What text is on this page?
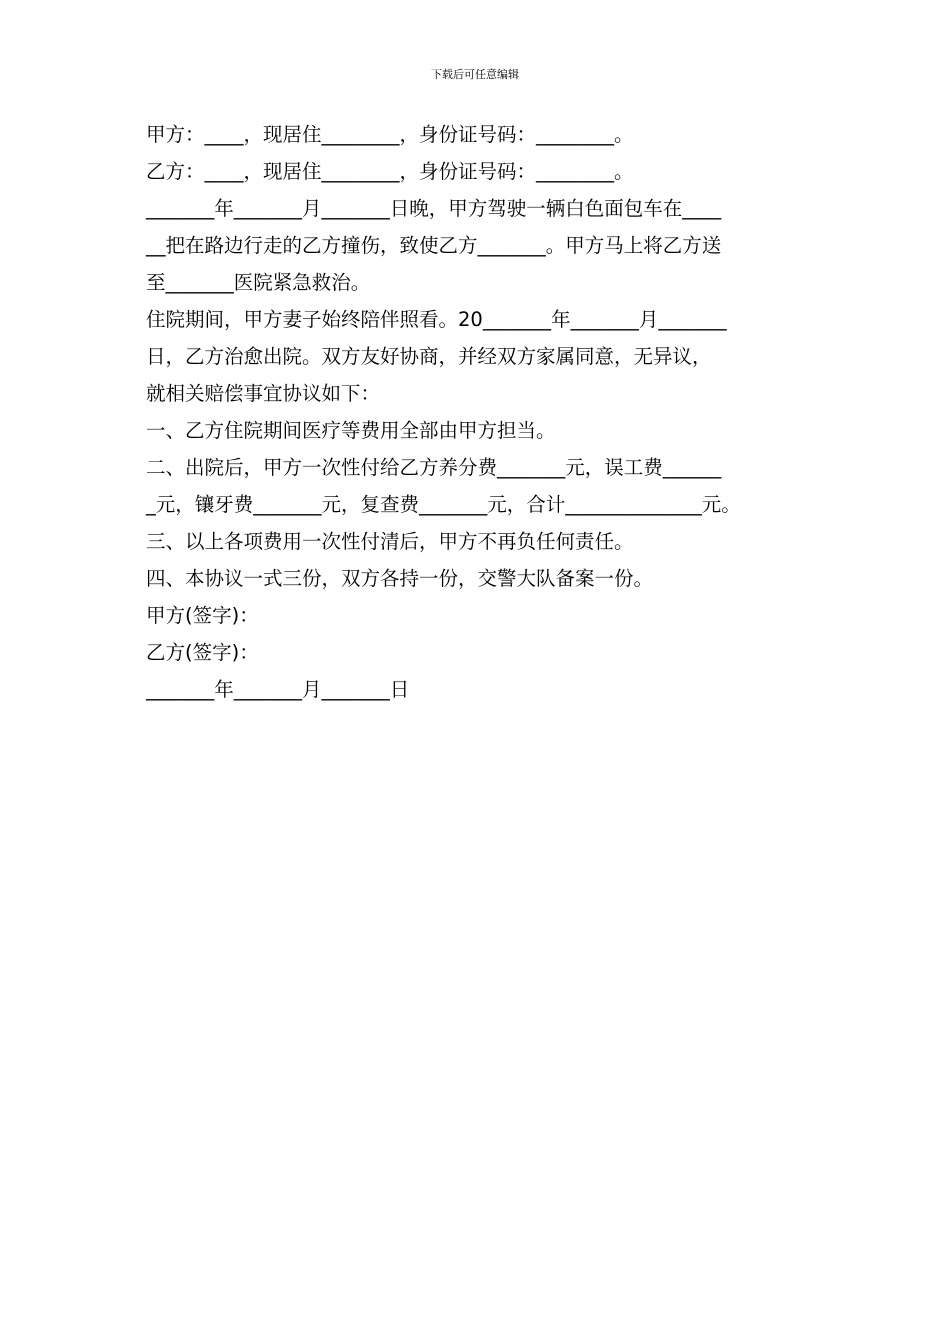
下载后可任意编辑
甲方：____，现居住________，身份证号码：________。
乙方：____，现居住________，身份证号码：________。
_______年_______月_______日晚，甲方驾驶一辆白色面包车在____
__把在路边行走的乙方撞伤，致使乙方_______。甲方马上将乙方送
至_______医院紧急救治。
住院期间，甲方妻子始终陪伴照看。20_______年_______月_______
日，乙方治愈出院。双方友好协商，并经双方家属同意，无异议，
就相关赔偿事宜协议如下：
一、乙方住院期间医疗等费用全部由甲方担当。
二、出院后，甲方一次性付给乙方养分费_______元，误工费______
_元，镶牙费_______元，复查费_______元，合计______________元。
三、以上各项费用一次性付清后，甲方不再负任何责任。
四、本协议一式三份，双方各持一份，交警大队备案一份。
甲方(签字)：
乙方(签字)：
_______年_______月_______日
